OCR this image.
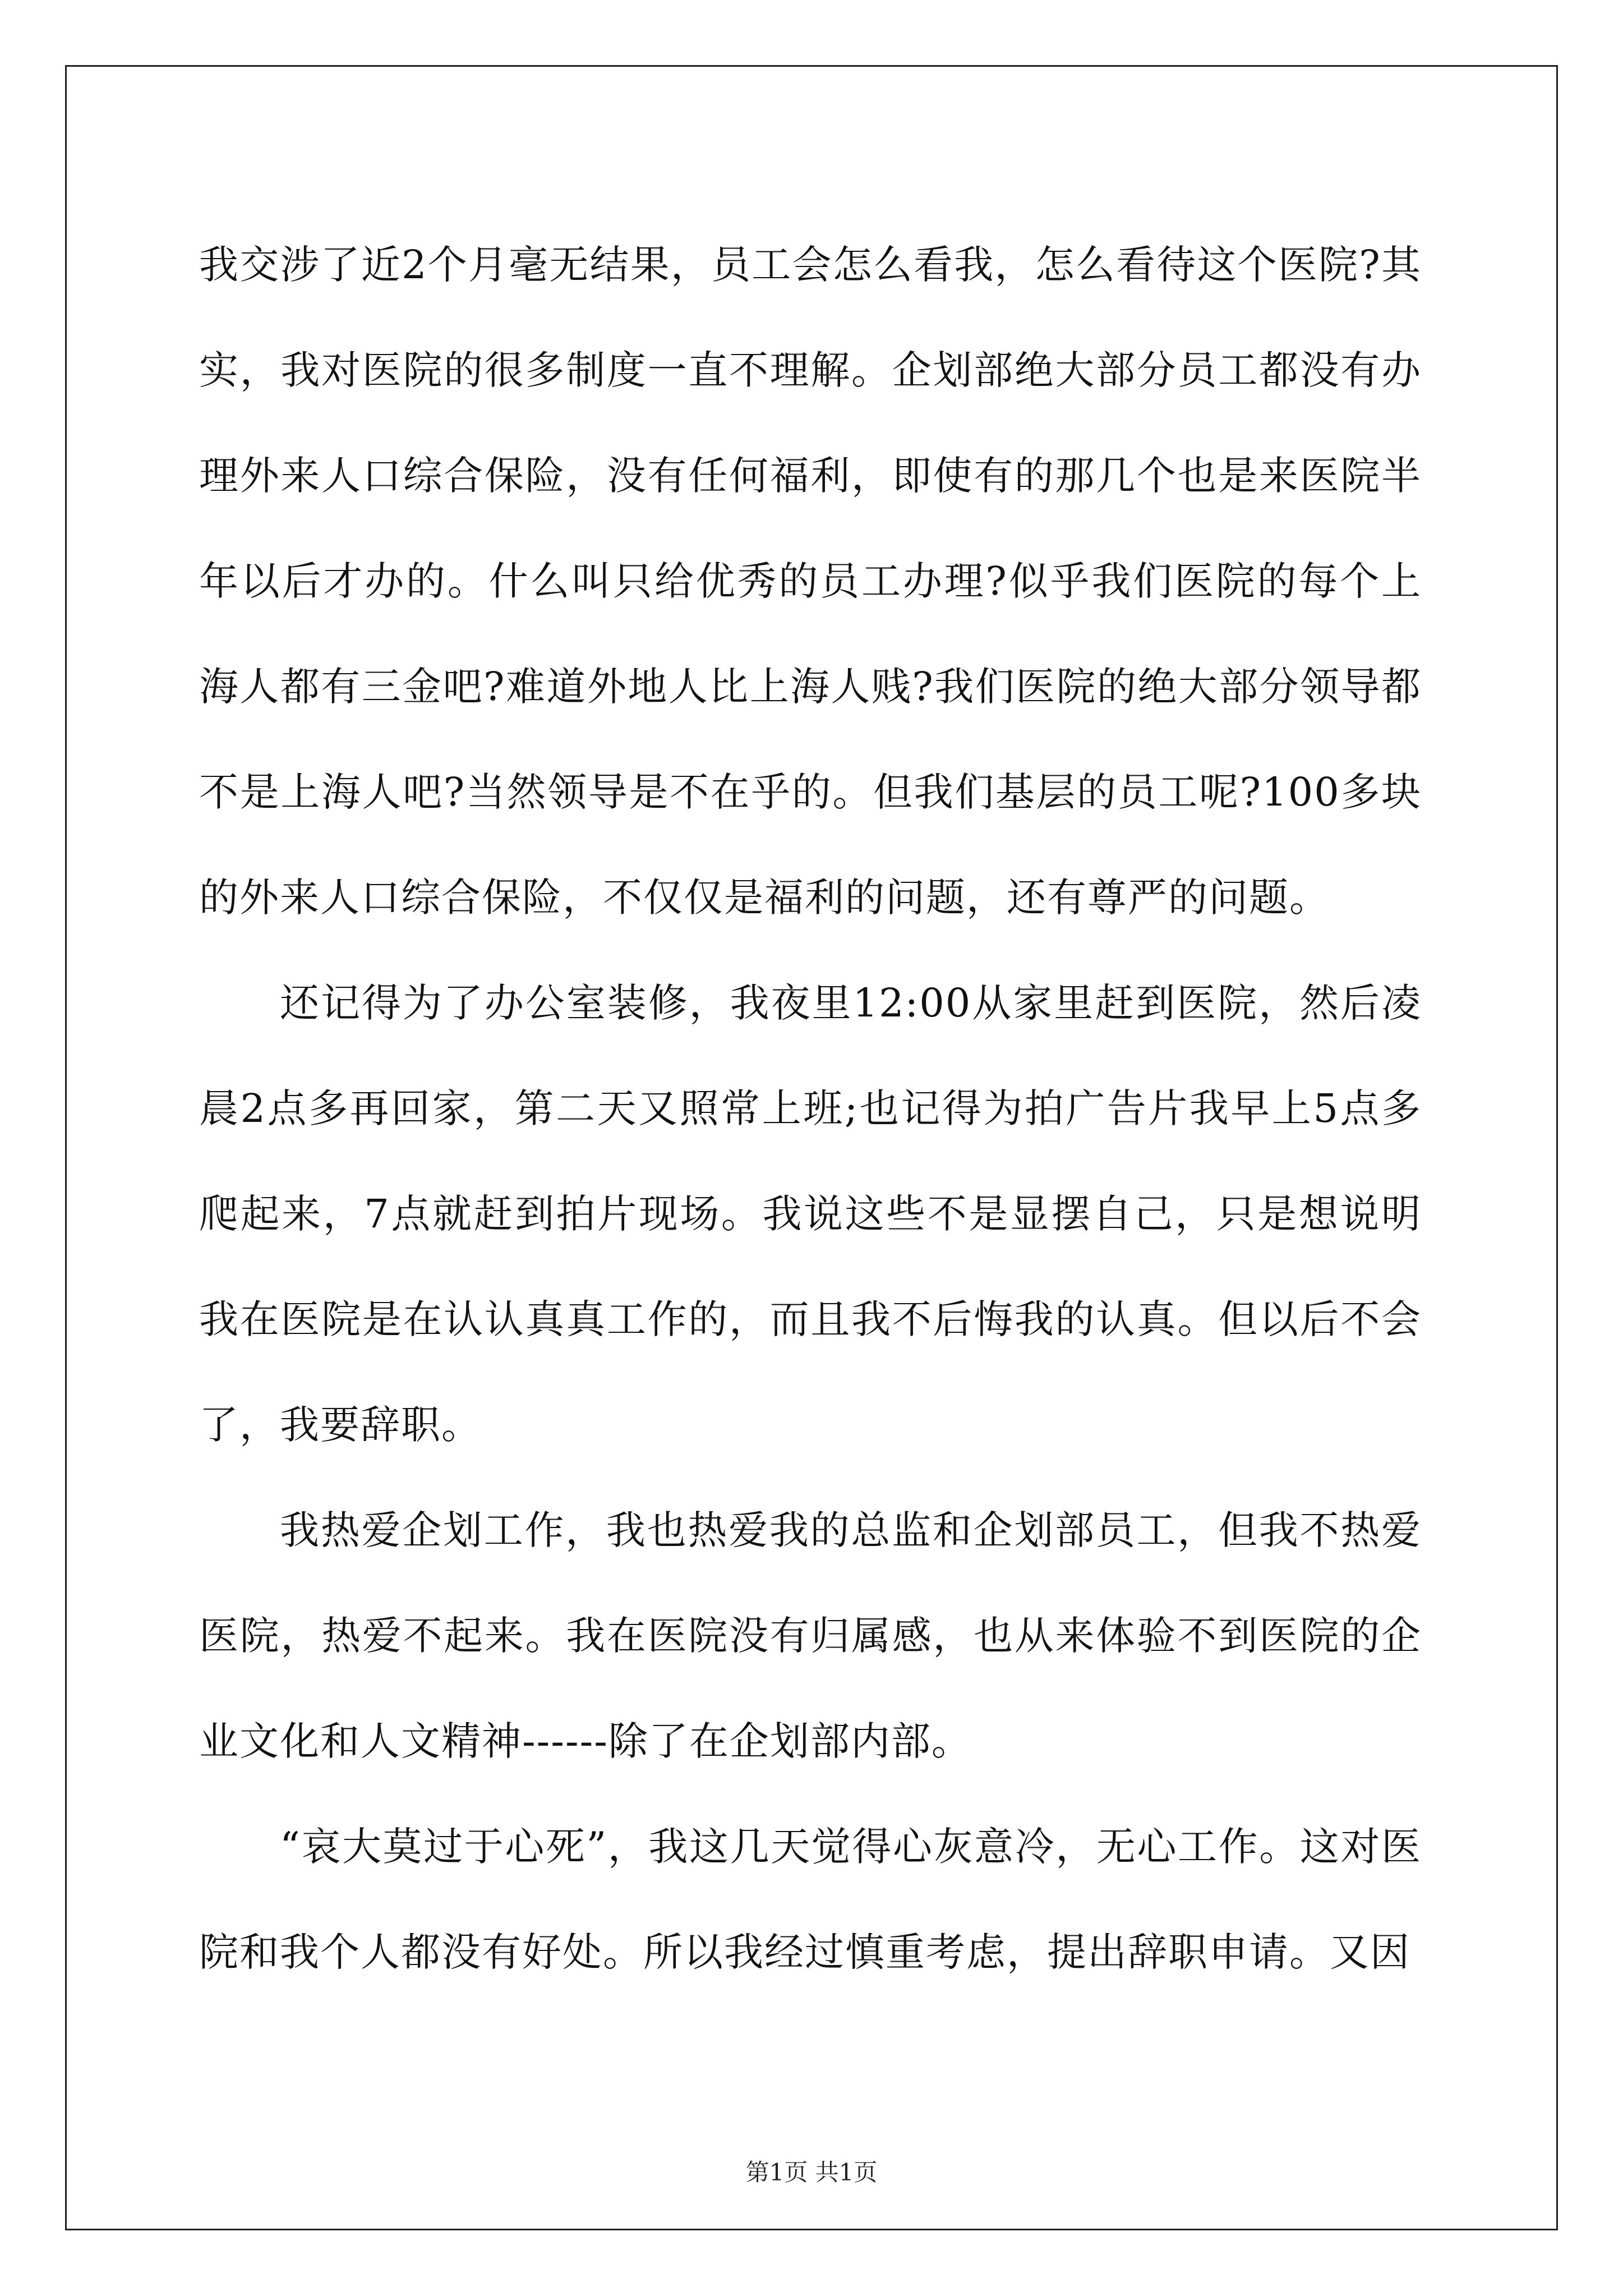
我交涉了近2个月毫无结果，员工会怎么看我，怎么看待这个医院?其实，我对医院的很多制度一直不理解。企划部绝大部分员工都没有办理外来人口综合保险，没有任何福利，即使有的那几个也是来医院半年以后才办的。什么叫只给优秀的员工办理?似乎我们医院的每个上海人都有三金吧?难道外地人比上海人贱?我们医院的绝大部分领导都不是上海人吧?当然领导是不在乎的。但我们基层的员工呢?100多块的外来人口综合保险，不仅仅是福利的问题，还有尊严的问题。

还记得为了办公室装修，我夜里12:00从家里赶到医院，然后凌晨2点多再回家，第二天又照常上班;也记得为拍广告片我早上5点多爬起来，7点就赶到拍片现场。我说这些不是显摆自己，只是想说明我在医院是在认认真真工作的，而且我不后悔我的认真。但以后不会了，我要辞职。

我热爱企划工作，我也热爱我的总监和企划部员工，但我不热爱医院，热爱不起来。我在医院没有归属感，也从来体验不到医院的企业文化和人文精神------除了在企划部内部。

“哀大莫过于心死”，我这几天觉得心灰意冷，无心工作。这对医院和我个人都没有好处。所以我经过慎重考虑，提出辞职申请。又因

第1页 共1页
